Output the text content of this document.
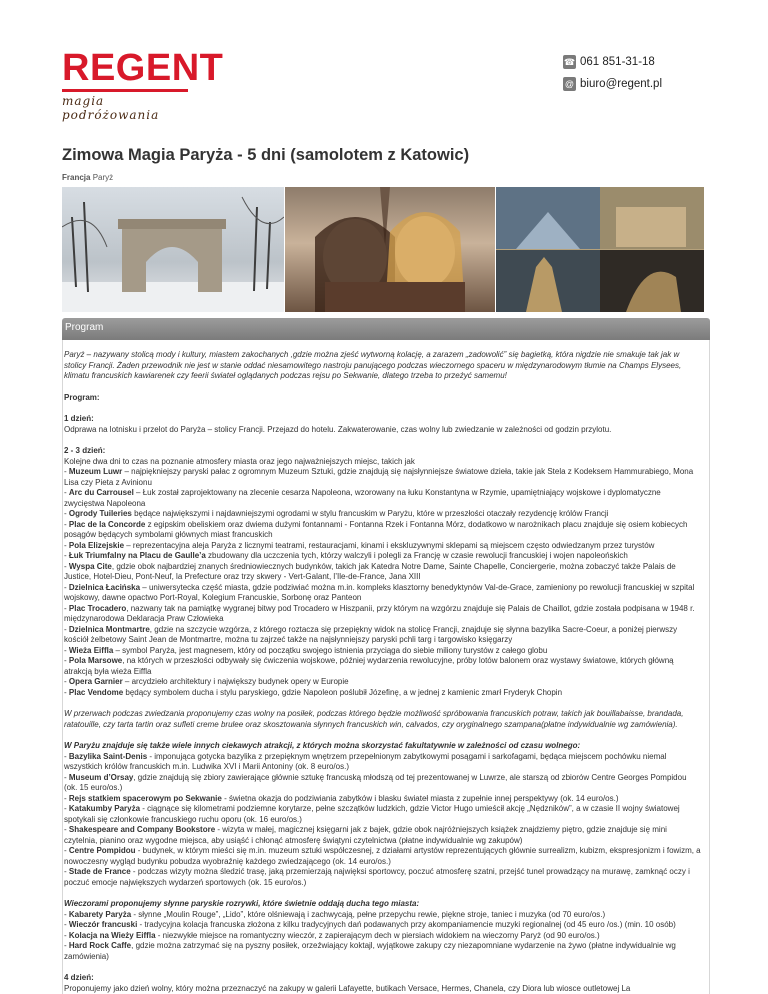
REGENT
magia podróżowania
☎ 061 851-31-18
@ biuro@regent.pl
Zimowa Magia Paryża - 5 dni (samolotem z Katowic)
Francja Paryż
Program

Paryż – nazywany stolicą mody i kultury, miastem zakochanych ,gdzie można zjeść wytworną kolację, a zarazem „zadowolić” się bagietką, która nigdzie nie smakuje tak jak w stolicy Francji. Żaden przewodnik nie jest w stanie oddać niesamowitego nastroju panującego podczas wieczornego spaceru w międzynarodowym tłumie na Champs Elysees, klimatu francuskich kawiarenek czy feerii świateł oglądanych podczas rejsu po Sekwanie, dlatego trzeba to przeżyć samemu!

Program:

1 dzień:

Odprawa na lotnisku i przelot do Paryża – stolicy Francji. Przejazd do hotelu. Zakwaterowanie, czas wolny lub zwiedzanie w zależności od godzin przylotu.

2 - 3 dzień:

Kolejne dwa dni to czas na poznanie atmosfery miasta oraz jego najważniejszych miejsc, takich jak

- Muzeum Luwr – najpiękniejszy paryski pałac z ogromnym Muzeum Sztuki, gdzie znajdują się najsłynniejsze światowe dzieła, takie jak Stela z Kodeksem Hammurabiego, Mona Lisa czy Pieta z Avinionu

- Arc du Carrousel – Łuk został zaprojektowany na zlecenie cesarza Napoleona, wzorowany na łuku Konstantyna w Rzymie, upamiętniający wojskowe i dyplomatyczne zwycięstwa Napoleona

- Ogrody Tuileries będące największymi i najdawniejszymi ogrodami w stylu francuskim w Paryżu, które w przeszłości otaczały rezydencję królów Francji

- Plac de la Concorde z egipskim obeliskiem oraz dwiema dużymi fontannami - Fontanna Rzek i Fontanna Mórz, dodatkowo w narożnikach placu znajduje się osiem kobiecych posągów będących symbolami głównych miast francuskich

- Pola Elizejskie – reprezentacyjna aleja Paryża z licznymi teatrami, restauracjami, kinami i ekskluzywnymi sklepami są miejscem często odwiedzanym przez turystów

- Łuk Triumfalny na Placu de Gaulle’a zbudowany dla uczczenia tych, którzy walczyli i polegli za Francję w czasie rewolucji francuskiej i wojen napoleońskich

- Wyspa Cite, gdzie obok najbardziej znanych średniowiecznych budynków, takich jak Katedra Notre Dame, Sainte Chapelle, Conciergerie, można zobaczyć także Palais de Justice, Hotel-Dieu, Pont-Neuf, la Prefecture oraz trzy skwery - Vert-Galant, l’Ile-de-France, Jana XIII

- Dzielnica Łacińska – uniwersytecka część miasta, gdzie podziwiać można m.in. kompleks klasztorny benedyktynów Val-de-Grace, zamieniony po rewolucji francuskiej w szpital wojskowy, dawne opactwo Port-Royal, Kolegium Francuskie, Sorbonę oraz Panteon

- Plac Trocadero, nazwany tak na pamiątkę wygranej bitwy pod Trocadero w Hiszpanii, przy którym na wzgórzu znajduje się Palais de Chaillot, gdzie została podpisana w 1948 r. międzynarodowa Deklaracja Praw Człowieka

- Dzielnica Montmartre, gdzie na szczycie wzgórza, z którego roztacza się przepiękny widok na stolicę Francji, znajduje się słynna bazylika Sacre-Coeur, a poniżej pierwszy kościół żelbetowy Saint Jean de Montmartre, można tu zajrzeć także na najsłynniejszy paryski pchli targ i targowisko księgarzy

- Wieża Eiffla – symbol Paryża, jest magnesem, który od początku swojego istnienia przyciąga do siebie miliony turystów z całego globu

- Pola Marsowe, na których w przeszłości odbywały się ćwiczenia wojskowe, później wydarzenia rewolucyjne, próby lotów balonem oraz wystawy światowe, których główną atrakcją była wieża Eiffla

- Opera Garnier – arcydzieło architektury i największy budynek opery w Europie

- Plac Vendome będący symbolem ducha i stylu paryskiego, gdzie Napoleon poślubił Józefinę, a w jednej z kamienic zmarł Fryderyk Chopin

W przerwach podczas zwiedzania proponujemy czas wolny na posiłek, podczas którego będzie możliwość spróbowania francuskich potraw, takich jak bouillabaisse, brandada, ratatouille, czy tarta tartin oraz sufleti creme brulee oraz skosztowania słynnych francuskich win, calvados, czy oryginalnego szampana(płatne indywidualnie wg zamówienia).

W Paryżu znajduje się także wiele innych ciekawych atrakcji, z których można skorzystać fakultatywnie w zależności od czasu wolnego:

- Bazylika Saint-Denis - imponująca gotycka bazylika z przepięknym wnętrzem przepełnionym zabytkowymi posągami i sarkofagami, będąca miejscem pochówku niemal wszystkich królów francuskich m.in. Ludwika XVI i Marii Antoniny (ok. 8 euro/os.)

- Museum d’Orsay, gdzie znajdują się zbiory zawierające głównie sztukę francuską młodszą od tej prezentowanej w Luwrze, ale starszą od zbiorów Centre Georges Pompidou (ok. 15 euro/os.)

- Rejs statkiem spacerowym po Sekwanie - świetna okazja do podziwiania zabytków i blasku świateł miasta z zupełnie innej perspektywy (ok. 14 euro/os.)

- Katakumby Paryża - ciągnące się kilometrami podziemne korytarze, pełne szczątków ludzkich, gdzie Victor Hugo umieścił akcję „Nędzników”, a w czasie II wojny światowej spotykali się członkowie francuskiego ruchu oporu (ok. 16 euro/os.)

- Shakespeare and Company Bookstore - wizyta w małej, magicznej księgarni jak z bajek, gdzie obok najróżniejszych książek znajdziemy piętro, gdzie znajduje się mini czytelnia, pianino oraz wygodne miejsca, aby usiąść i chłonąć atmosferę świątyni czytelnictwa (płatne indywidualnie wg zakupów)

- Centre Pompidou - budynek, w którym mieści się m.in. muzeum sztuki współczesnej, z działami artystów reprezentujących głównie surrealizm, kubizm, ekspresjonizm i fowizm, a nowoczesny wygląd budynku pobudza wyobraźnię każdego zwiedzającego (ok. 14 euro/os.)

- Stade de France - podczas wizyty można śledzić trasę, jaką przemierzają najwięksi sportowcy, poczuć atmosferę szatni, przejść tunel prowadzący na murawę, zamknąć oczy i poczuć emocje największych wydarzeń sportowych (ok. 15 euro/os.)

Wieczorami proponujemy słynne paryskie rozrywki, które świetnie oddają ducha tego miasta:

- Kabarety Paryża - słynne „Moulin Rouge”, „Lido”, które olśniewają i zachwycają, pełne przepychu rewie, piękne stroje, taniec i muzyka (od 70 euro/os.)

- Wieczór francuski - tradycyjna kolacja francuska złożona z kilku tradycyjnych dań podawanych przy akompaniamencie muzyki regionalnej (od 45 euro /os.) (min. 10 osób)

- Kolacja na Wieży Eiffla - niezwykłe miejsce na romantyczny wieczór, z zapierającym dech w piersiach widokiem na wieczorny Paryż (od 90 euro/os.)

- Hard Rock Caffe, gdzie można zatrzymać się na pyszny posiłek, orzeźwiający koktajl, wyjątkowe zakupy czy niezapomniane wydarzenie na żywo (płatne indywidualnie wg zamówienia)

4 dzień:

Proponujemy jako dzień wolny, który można przeznaczyć na zakupy w galerii Lafayette, butikach Versace, Hermes, Chanela, czy Diora lub wiosce outletowej La
